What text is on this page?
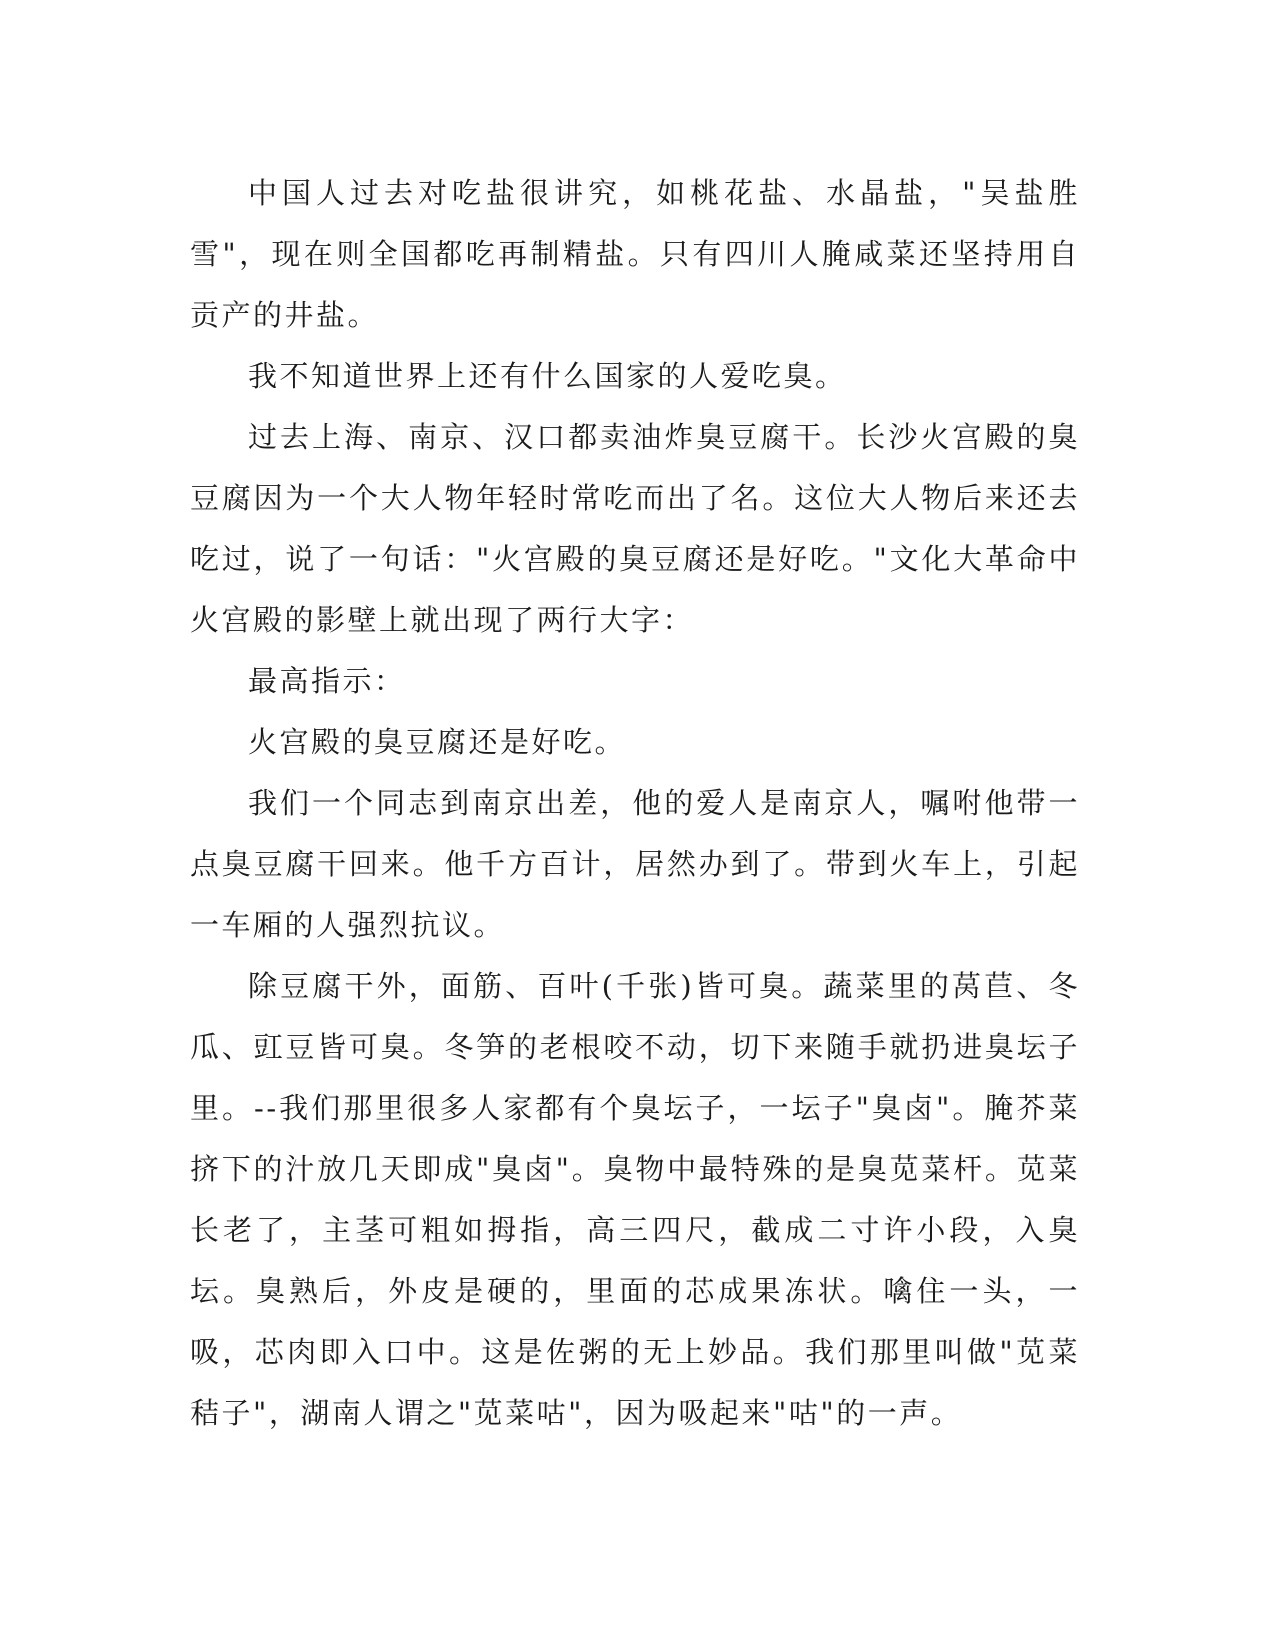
中国人过去对吃盐很讲究，如桃花盐、水晶盐，"吴盐胜雪"，现在则全国都吃再制精盐。只有四川人腌咸菜还坚持用自贡产的井盐。

我不知道世界上还有什么国家的人爱吃臭。

过去上海、南京、汉口都卖油炸臭豆腐干。长沙火宫殿的臭豆腐因为一个大人物年轻时常吃而出了名。这位大人物后来还去吃过，说了一句话："火宫殿的臭豆腐还是好吃。"文化大革命中火宫殿的影壁上就出现了两行大字：

最高指示：

火宫殿的臭豆腐还是好吃。

我们一个同志到南京出差，他的爱人是南京人，嘱咐他带一点臭豆腐干回来。他千方百计，居然办到了。带到火车上，引起一车厢的人强烈抗议。

除豆腐干外，面筋、百叶(千张)皆可臭。蔬菜里的莴苣、冬瓜、豇豆皆可臭。冬笋的老根咬不动，切下来随手就扔进臭坛子里。--我们那里很多人家都有个臭坛子，一坛子"臭卤"。腌芥菜挤下的汁放几天即成"臭卤"。臭物中最特殊的是臭苋菜杆。苋菜长老了，主茎可粗如拇指，高三四尺，截成二寸许小段，入臭坛。臭熟后，外皮是硬的，里面的芯成果冻状。噙住一头，一吸，芯肉即入口中。这是佐粥的无上妙品。我们那里叫做"苋菜秸子"，湖南人谓之"苋菜咕"，因为吸起来"咕"的一声。
